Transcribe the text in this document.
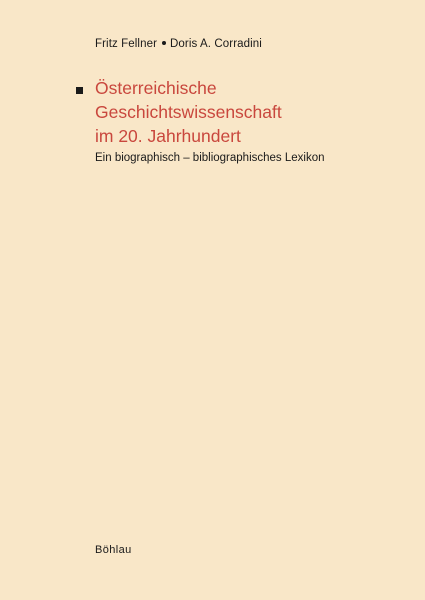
Fritz Fellner Doris A. Corradini
Österreichische
Geschichtswissenschaft
im 20. Jahrhundert
Ein biographisch – bibliographisches Lexikon
Böhlau
